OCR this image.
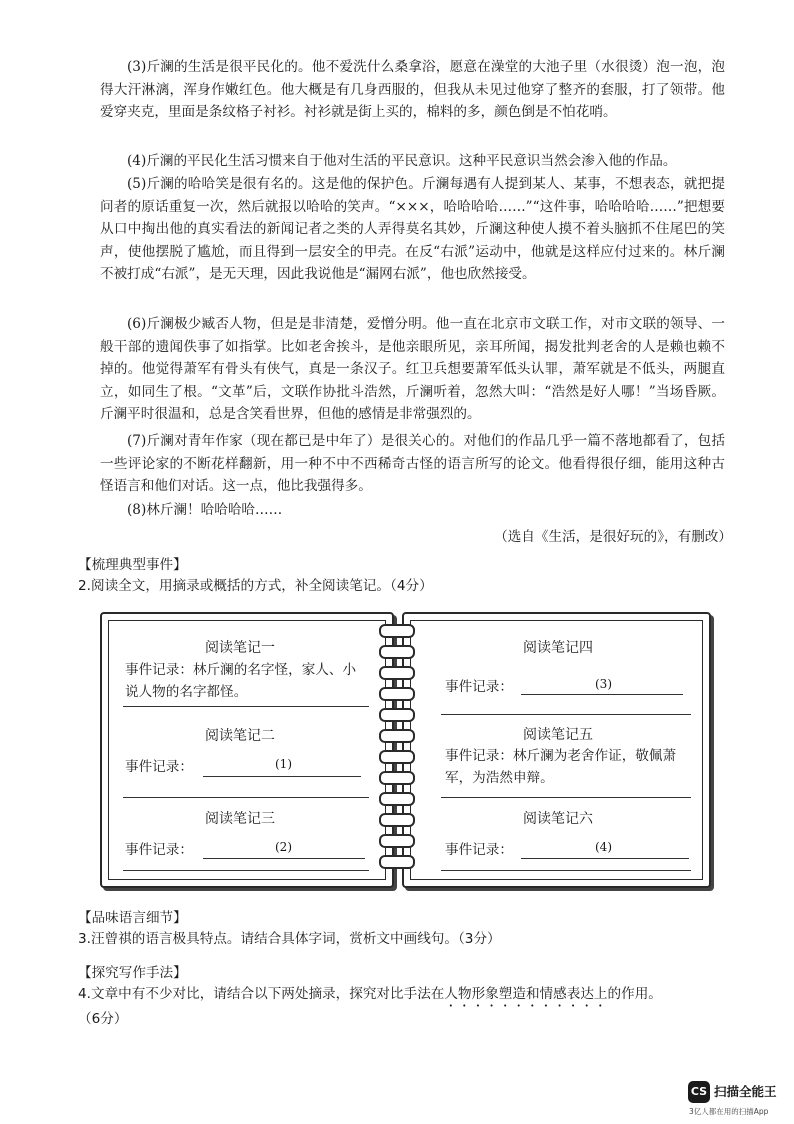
(3)斤澜的生活是很平民化的。他不爱洗什么桑拿浴，愿意在澡堂的大池子里（水很烫）泡一泡，泡得大汗淋漓，浑身作嫩红色。他大概是有几身西服的，但我从未见过他穿了整齐的套服，打了领带。他爱穿夹克，里面是条纹格子衬衫。衬衫就是街上买的，棉料的多，颜色倒是不怕花哨。
(4)斤澜的平民化生活习惯来自于他对生活的平民意识。这种平民意识当然会渗入他的作品。
(5)斤澜的哈哈笑是很有名的。这是他的保护色。斤澜每遇有人提到某人、某事，不想表态，就把提问者的原话重复一次，然后就报以哈哈的笑声。“×××，哈哈哈哈……”“这件事，哈哈哈哈……”把想要从口中掏出他的真实看法的新闻记者之类的人弄得莫名其妙，斤澜这种使人摸不着头脑抓不住尾巴的笑声，使他摆脱了尴尬，而且得到一层安全的甲壳。在反“右派”运动中，他就是这样应付过来的。林斤澜不被打成“右派”，是无天理，因此我说他是“漏网右派”，他也欣然接受。
(6)斤澜极少臧否人物，但是是非清楚，爱憎分明。他一直在北京市文联工作，对市文联的领导、一般干部的遗闻佚事了如指掌。比如老舍挨斗，是他亲眼所见，亲耳所闻，揭发批判老舍的人是赖也赖不掉的。他觉得萧军有骨头有侠气，真是一条汉子。红卫兵想要萧军低头认罪，萧军就是不低头，两腿直立，如同生了根。“文革”后，文联作协批斗浩然，斤澜听着，忽然大叫：“浩然是好人哪！”当场昏厥。斤澜平时很温和，总是含笑看世界，但他的感情是非常强烈的。
(7)斤澜对青年作家（现在都已是中年了）是很关心的。对他们的作品几乎一篇不落地都看了，包括一些评论家的不断花样翻新，用一种不中不西稀奇古怪的语言所写的论文。他看得很仔细，能用这种古怪语言和他们对话。这一点，他比我强得多。
(8)林斤澜！哈哈哈哈……
（选自《生活，是很好玩的》，有删改）
【梳理典型事件】
2.阅读全文，用摘录或概括的方式，补全阅读笔记。（4分）
阅读笔记一
事件记录：林斤澜的名字怪，家人、小说人物的名字都怪。
阅读笔记二
事件记录：	(1)
阅读笔记三
事件记录：	(2)
阅读笔记四
事件记录：	(3)
阅读笔记五
事件记录：林斤澜为老舍作证，敬佩萧军，为浩然申辩。
阅读笔记六
事件记录：	(4)
【品味语言细节】
3.汪曾祺的语言极具特点。请结合具体字词，赏析文中画线句。（3分）
【探究写作手法】
4.文章中有不少对比，请结合以下两处摘录，探究对比手法在人物形象塑造和情感表达上的作用。
（6分）
CS 扫描全能王
3亿人都在用的扫描App
